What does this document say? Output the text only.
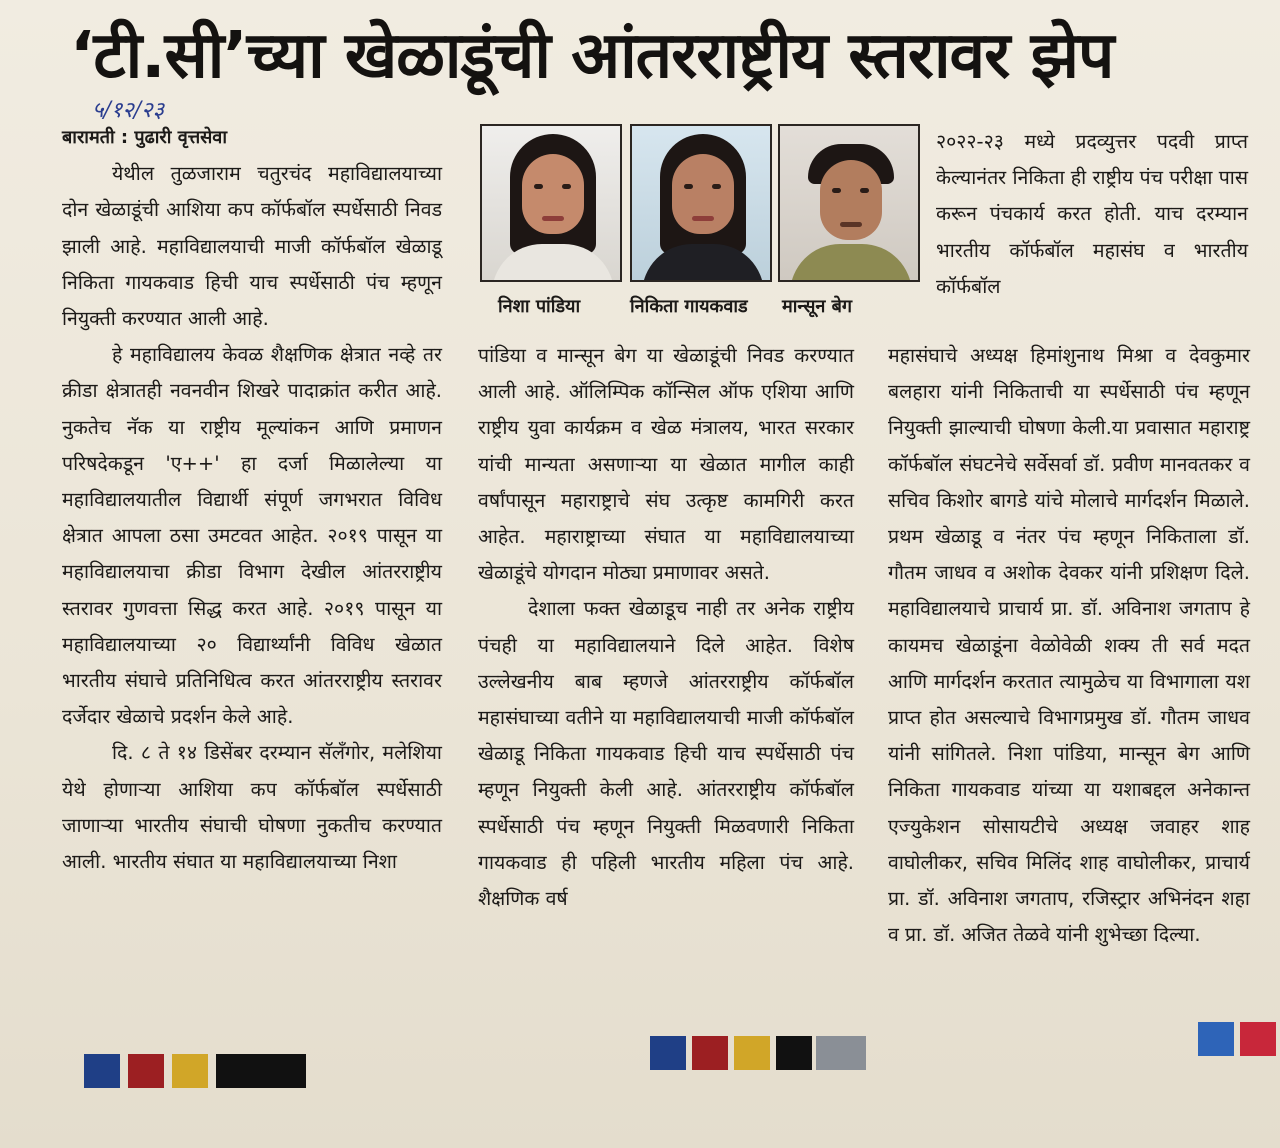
‘टी.सी’च्या खेळाडूंची आंतरराष्ट्रीय स्तरावर झेप
५/१२/२३

बारामती : पुढारी वृत्तसेवा

येथील तुळजाराम चतुरचंद महाविद्यालयाच्या दोन खेळाडूंची आशिया कप कॉर्फबॉल स्पर्धेसाठी निवड झाली आहे. महाविद्यालयाची माजी कॉर्फबॉल खेळाडू निकिता गायकवाड हिची याच स्पर्धेसाठी पंच म्हणून नियुक्ती करण्यात आली आहे.

हे महाविद्यालय केवळ शैक्षणिक क्षेत्रात नव्हे तर क्रीडा क्षेत्रातही नवनवीन शिखरे पादाक्रांत करीत आहे. नुकतेच नॅक या राष्ट्रीय मूल्यांकन आणि प्रमाणन परिषदेकडून 'ए++' हा दर्जा मिळालेल्या या महाविद्यालयातील विद्यार्थी संपूर्ण जगभरात विविध क्षेत्रात आपला ठसा उमटवत आहेत. २०१९ पासून या महाविद्यालयाचा क्रीडा विभाग देखील आंतरराष्ट्रीय स्तरावर गुणवत्ता सिद्ध करत आहे. २०१९ पासून या महाविद्यालयाच्या २० विद्यार्थ्यांनी विविध खेळात भारतीय संघाचे प्रतिनिधित्व करत आंतरराष्ट्रीय स्तरावर दर्जेदार खेळाचे प्रदर्शन केले आहे.

दि. ८ ते १४ डिसेंबर दरम्यान सॅलँगोर, मलेशिया येथे होणाऱ्या आशिया कप कॉर्फबॉल स्पर्धेसाठी जाणाऱ्या भारतीय संघाची घोषणा नुकतीच करण्यात आली. भारतीय संघात या महाविद्यालयाच्या निशा

निशा पांडिया	निकिता गायकवाड मान्सून बेग

पांडिया व मान्सून बेग या खेळाडूंची निवड करण्यात आली आहे. ऑलिम्पिक कॉन्सिल ऑफ एशिया आणि राष्ट्रीय युवा कार्यक्रम व खेळ मंत्रालय, भारत सरकार यांची मान्यता असणाऱ्या या खेळात मागील काही वर्षांपासून महाराष्ट्राचे संघ उत्कृष्ट कामगिरी करत आहेत. महाराष्ट्राच्या संघात या महाविद्यालयाच्या खेळाडूंचे योगदान मोठ्या प्रमाणावर असते.

देशाला फक्त खेळाडूच नाही तर अनेक राष्ट्रीय पंचही या महाविद्यालयाने दिले आहेत. विशेष उल्लेखनीय बाब म्हणजे आंतरराष्ट्रीय कॉर्फबॉल महासंघाच्या वतीने या महाविद्यालयाची माजी कॉर्फबॉल खेळाडू निकिता गायकवाड हिची याच स्पर्धेसाठी पंच म्हणून नियुक्ती केली आहे. आंतरराष्ट्रीय कॉर्फबॉल स्पर्धेसाठी पंच म्हणून नियुक्ती मिळवणारी निकिता गायकवाड ही पहिली भारतीय महिला पंच आहे. शैक्षणिक वर्ष

२०२२-२३ मध्ये प्रदव्युत्तर पदवी प्राप्त केल्यानंतर निकिता ही राष्ट्रीय पंच परीक्षा पास करून पंचकार्य करत होती. याच दरम्यान भारतीय कॉर्फबॉल महासंघ व भारतीय कॉर्फबॉल

महासंघाचे अध्यक्ष हिमांशुनाथ मिश्रा व देवकुमार बलहारा यांनी निकिताची या स्पर्धेसाठी पंच म्हणून नियुक्ती झाल्याची घोषणा केली.या प्रवासात महाराष्ट्र कॉर्फबॉल संघटनेचे सर्वेसर्वा डॉ. प्रवीण मानवतकर व सचिव किशोर बागडे यांचे मोलाचे मार्गदर्शन मिळाले. प्रथम खेळाडू व नंतर पंच म्हणून निकिताला डॉ. गौतम जाधव व अशोक देवकर यांनी प्रशिक्षण दिले. महाविद्यालयाचे प्राचार्य प्रा. डॉ. अविनाश जगताप हे कायमच खेळाडूंना वेळोवेळी शक्य ती सर्व मदत आणि मार्गदर्शन करतात त्यामुळेच या विभागाला यश प्राप्त होत असल्याचे विभागप्रमुख डॉ. गौतम जाधव यांनी सांगितले. निशा पांडिया, मान्सून बेग आणि निकिता गायकवाड यांच्या या यशाबद्दल अनेकान्त एज्युकेशन सोसायटीचे अध्यक्ष जवाहर शाह वाघोलीकर, सचिव मिलिंद शाह वाघोलीकर, प्राचार्य प्रा. डॉ. अविनाश जगताप, रजिस्ट्रार अभिनंदन शहा व प्रा. डॉ. अजित तेळवे यांनी शुभेच्छा दिल्या.
